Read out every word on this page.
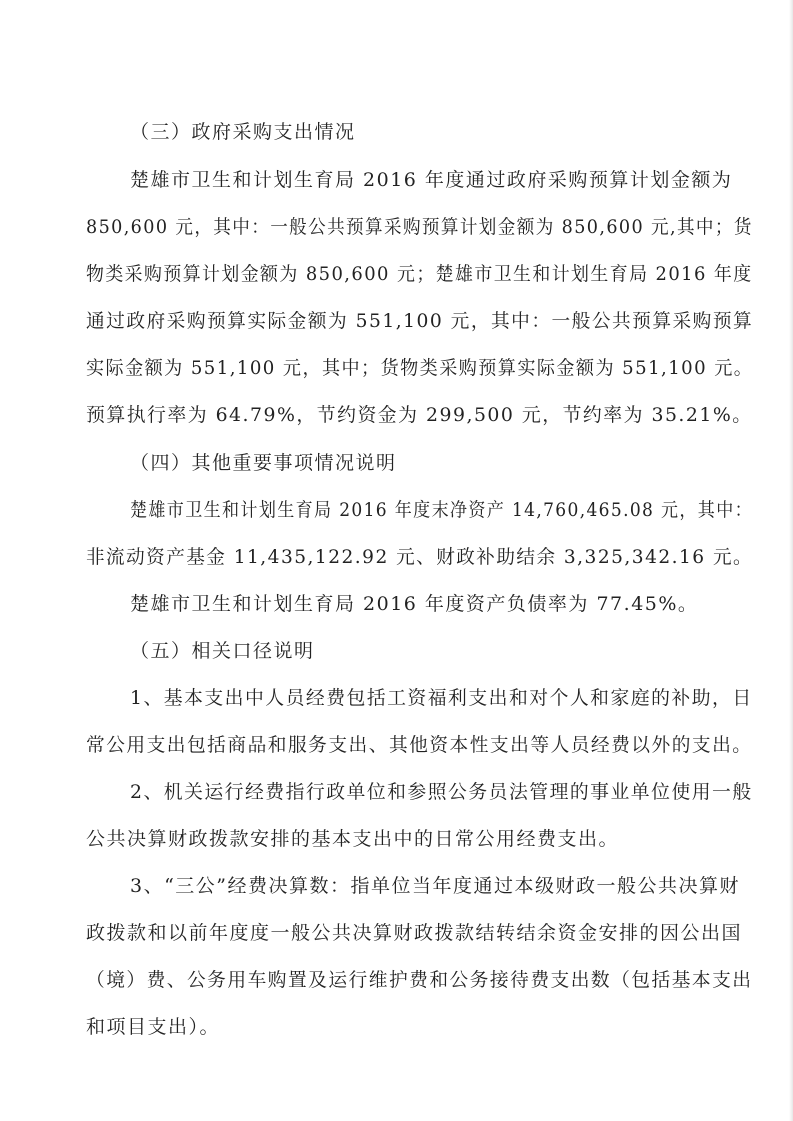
（三）政府采购支出情况
楚雄市卫生和计划生育局 2016 年度通过政府采购预算计划金额为
850,600 元，其中：一般公共预算采购预算计划金额为 850,600 元,其中；货
物类采购预算计划金额为 850,600 元；楚雄市卫生和计划生育局 2016 年度
通过政府采购预算实际金额为 551,100 元，其中：一般公共预算采购预算
实际金额为 551,100 元，其中；货物类采购预算实际金额为 551,100 元。
预算执行率为 64.79%，节约资金为 299,500 元，节约率为 35.21%。
（四）其他重要事项情况说明
楚雄市卫生和计划生育局 2016 年度末净资产 14,760,465.08 元，其中：
非流动资产基金 11,435,122.92 元、财政补助结余 3,325,342.16 元。
楚雄市卫生和计划生育局 2016 年度资产负债率为 77.45%。
（五）相关口径说明
1、基本支出中人员经费包括工资福利支出和对个人和家庭的补助，日
常公用支出包括商品和服务支出、其他资本性支出等人员经费以外的支出。
2、机关运行经费指行政单位和参照公务员法管理的事业单位使用一般
公共决算财政拨款安排的基本支出中的日常公用经费支出。
3、“三公”经费决算数：指单位当年度通过本级财政一般公共决算财
政拨款和以前年度度一般公共决算财政拨款结转结余资金安排的因公出国
（境）费、公务用车购置及运行维护费和公务接待费支出数（包括基本支出
和项目支出）。
